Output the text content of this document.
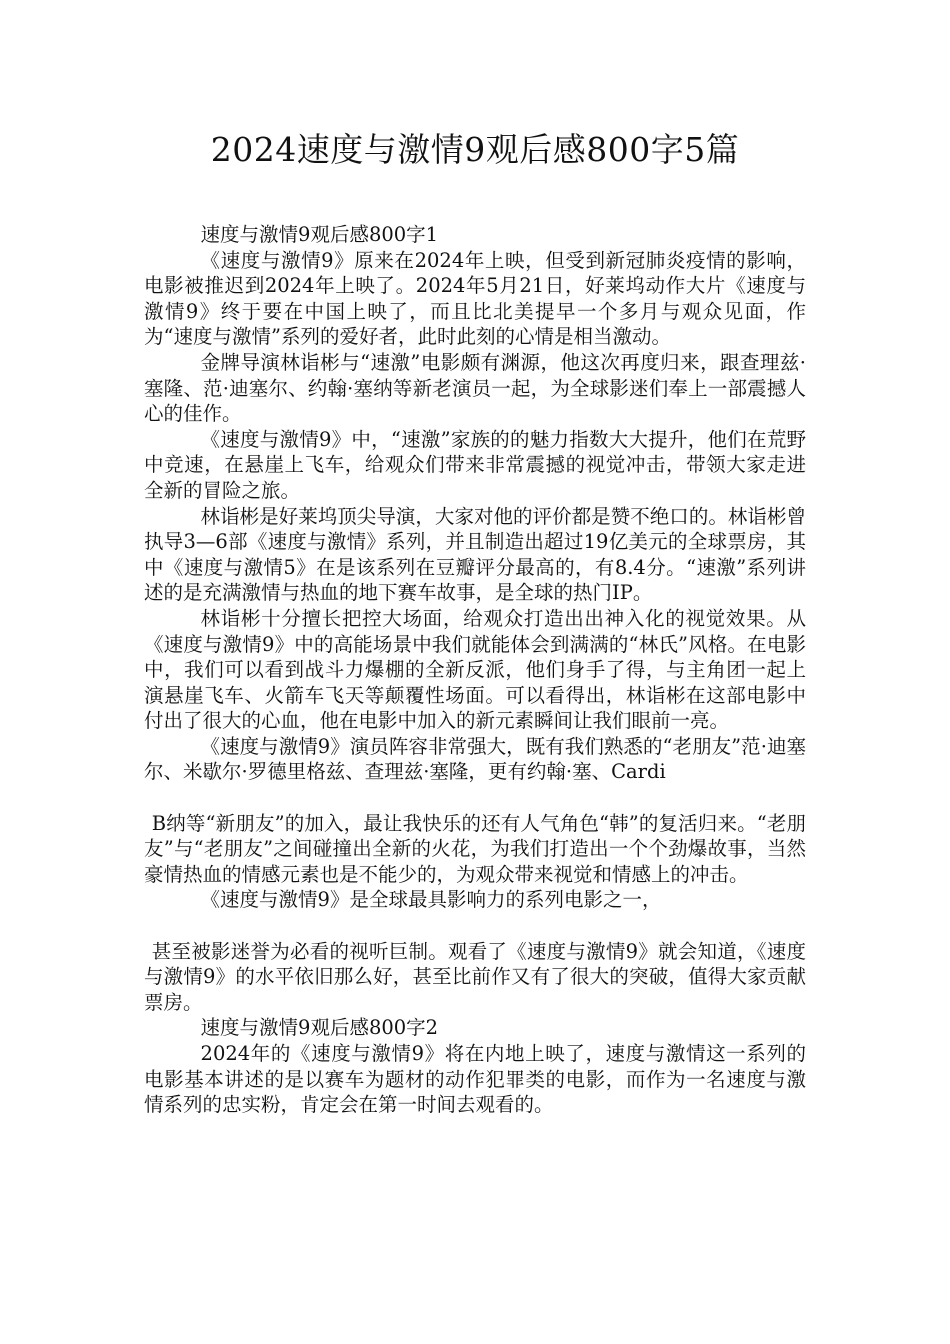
2024速度与激情9观后感800字5篇

速度与激情9观后感800字1

《速度与激情9》原来在2024年上映，但受到新冠肺炎疫情的影响，电影被推迟到2024年上映了。2024年5月21日，好莱坞动作大片《速度与激情9》终于要在中国上映了，而且比北美提早一个多月与观众见面，作为“速度与激情”系列的爱好者，此时此刻的心情是相当激动。

金牌导演林诣彬与“速激”电影颇有渊源，他这次再度归来，跟查理兹·塞隆、范·迪塞尔、约翰·塞纳等新老演员一起，为全球影迷们奉上一部震撼人心的佳作。

《速度与激情9》中，“速激”家族的的魅力指数大大提升，他们在荒野中竞速，在悬崖上飞车，给观众们带来非常震撼的视觉冲击，带领大家走进全新的冒险之旅。

林诣彬是好莱坞顶尖导演，大家对他的评价都是赞不绝口的。林诣彬曾执导3—6部《速度与激情》系列，并且制造出超过19亿美元的全球票房，其中《速度与激情5》在是该系列在豆瓣评分最高的，有8.4分。“速激”系列讲述的是充满激情与热血的地下赛车故事，是全球的热门IP。

林诣彬十分擅长把控大场面，给观众打造出出神入化的视觉效果。从《速度与激情9》中的高能场景中我们就能体会到满满的“林氏”风格。在电影中，我们可以看到战斗力爆棚的全新反派，他们身手了得，与主角团一起上演悬崖飞车、火箭车飞天等颠覆性场面。可以看得出，林诣彬在这部电影中付出了很大的心血，他在电影中加入的新元素瞬间让我们眼前一亮。

《速度与激情9》演员阵容非常强大，既有我们熟悉的“老朋友”范·迪塞尔、米歇尔·罗德里格兹、查理兹·塞隆，更有约翰·塞、Cardi

B纳等“新朋友”的加入，最让我快乐的还有人气角色“韩”的复活归来。“老朋友”与“老朋友”之间碰撞出全新的火花，为我们打造出一个个劲爆故事，当然豪情热血的情感元素也是不能少的，为观众带来视觉和情感上的冲击。

《速度与激情9》是全球最具影响力的系列电影之一，

甚至被影迷誉为必看的视听巨制。观看了《速度与激情9》就会知道，《速度与激情9》的水平依旧那么好，甚至比前作又有了很大的突破，值得大家贡献票房。

速度与激情9观后感800字2

2024年的《速度与激情9》将在内地上映了，速度与激情这一系列的电影基本讲述的是以赛车为题材的动作犯罪类的电影，而作为一名速度与激情系列的忠实粉，肯定会在第一时间去观看的。
